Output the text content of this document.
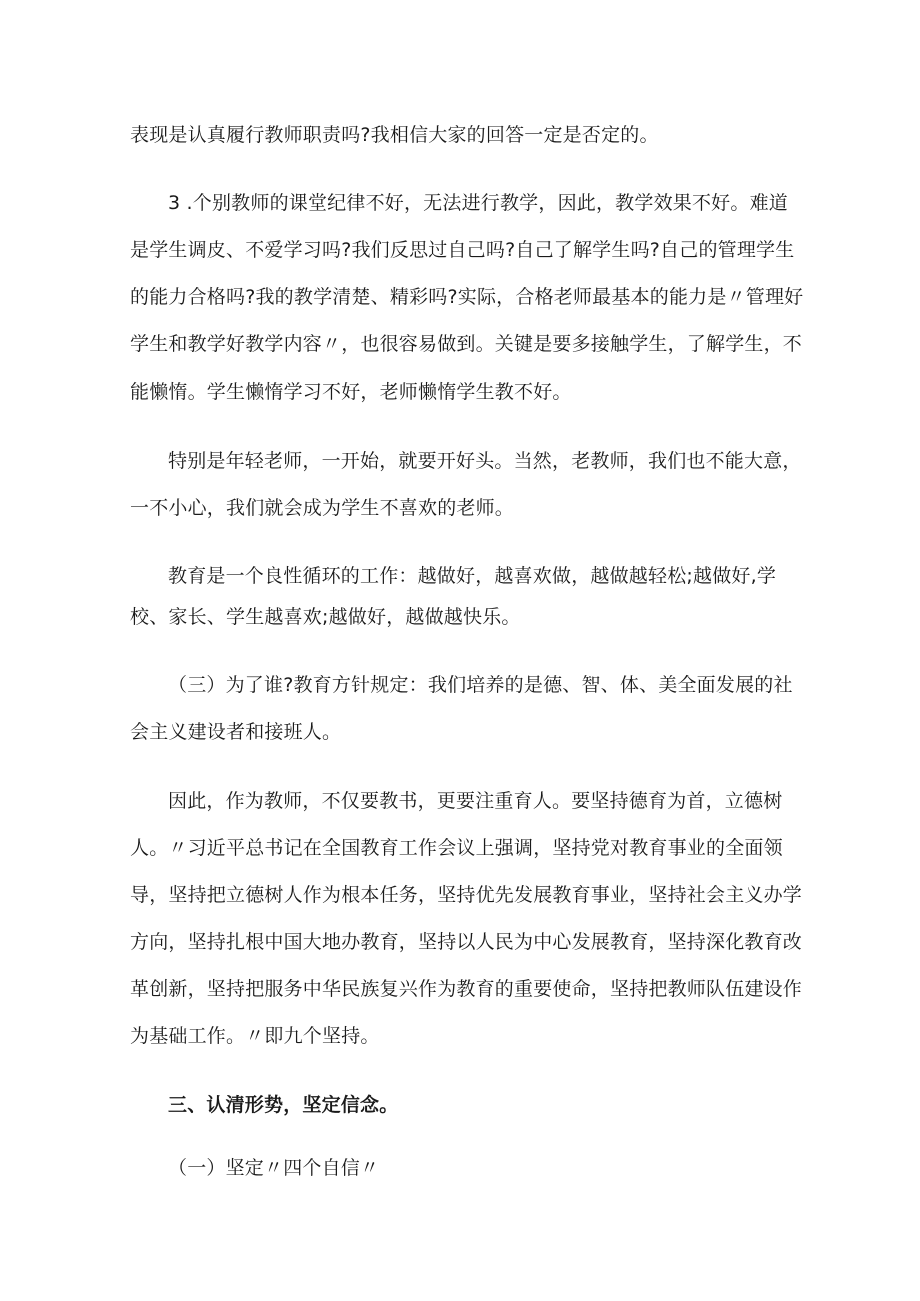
表现是认真履行教师职责吗?我相信大家的回答一定是否定的。
3 .个别教师的课堂纪律不好，无法进行教学，因此，教学效果不好。难道
是学生调皮、不爱学习吗?我们反思过自己吗?自己了解学生吗?自己的管理学生
的能力合格吗?我的教学清楚、精彩吗?实际，合格老师最基本的能力是〃管理好
学生和教学好教学内容〃，也很容易做到。关键是要多接触学生，了解学生，不
能懒惰。学生懒惰学习不好，老师懒惰学生教不好。
特别是年轻老师，一开始，就要开好头。当然，老教师，我们也不能大意，
一不小心，我们就会成为学生不喜欢的老师。
教育是一个良性循环的工作：越做好，越喜欢做，越做越轻松;越做好,学
校、家长、学生越喜欢;越做好，越做越快乐。
（三）为了谁?教育方针规定：我们培养的是德、智、体、美全面发展的社
会主义建设者和接班人。
因此，作为教师，不仅要教书，更要注重育人。要坚持德育为首，立德树
人。〃习近平总书记在全国教育工作会议上强调，坚持党对教育事业的全面领
导，坚持把立德树人作为根本任务，坚持优先发展教育事业，坚持社会主义办学
方向，坚持扎根中国大地办教育，坚持以人民为中心发展教育，坚持深化教育改
革创新，坚持把服务中华民族复兴作为教育的重要使命，坚持把教师队伍建设作
为基础工作。〃即九个坚持。
三、认清形势，坚定信念。
（一）坚定〃四个自信〃
